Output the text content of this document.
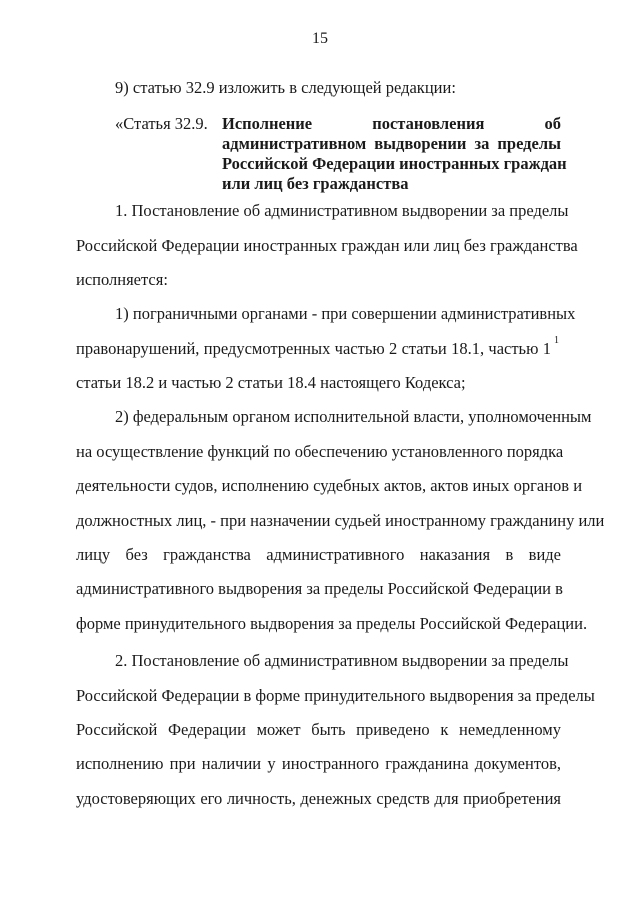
15
9) статью 32.9 изложить в следующей редакции:
«Статья 32.9. Исполнение постановления об
административном выдворении за пределы
Российской Федерации иностранных граждан
или лиц без гражданства
1. Постановление об административном выдворении за пределы
Российской Федерации иностранных граждан или лиц без гражданства
исполняется:
1) пограничными органами - при совершении административных
правонарушений, предусмотренных частью 2 статьи 18.1, частью 1 1
статьи 18.2 и частью 2 статьи 18.4 настоящего Кодекса;
2) федеральным органом исполнительной власти, уполномоченным
на осуществление функций по обеспечению установленного порядка
деятельности судов, исполнению судебных актов, актов иных органов и
должностных лиц, - при назначении судьей иностранному гражданину или
лицу без гражданства административного наказания в виде
административного выдворения за пределы Российской Федерации в
форме принудительного выдворения за пределы Российской Федерации.
2. Постановление об административном выдворении за пределы
Российской Федерации в форме принудительного выдворения за пределы
Российской Федерации может быть приведено к немедленному
исполнению при наличии у иностранного гражданина документов,
удостоверяющих его личность, денежных средств для приобретения
